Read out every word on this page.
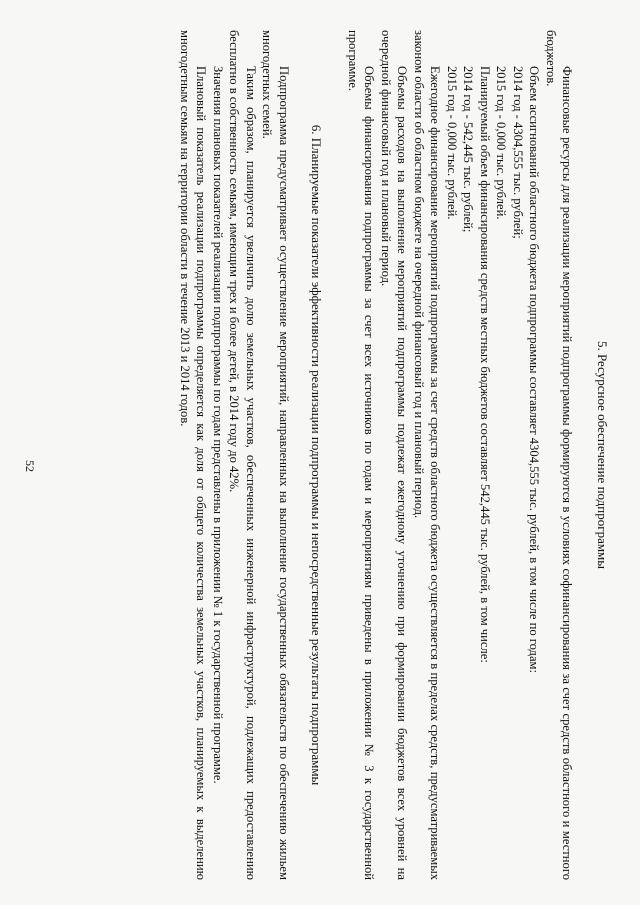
52	5. Ресурсное обеспечение подпрограммы

Финансовые ресурсы для реализации мероприятий подпрограммы формируются в условиях софинансирования за счет средств областного и местного бюджетов.

Объем ассигнований областного бюджета подпрограммы составляет 4304,555 тыс. рублей, в том числе по годам:

2014 год - 4304,555 тыс. рублей;

2015 год - 0,000 тыс. рублей.

Планируемый объем финансирования средств местных бюджетов составляет 542,445 тыс. рублей, в том числе:

2014 год - 542,445 тыс. рублей;

2015 год - 0,000 тыс. рублей.

Ежегодное финансирование мероприятий подпрограммы за счет средств областного бюджета осуществляется в пределах средств, предусматриваемых законом области об областном бюджете на очередной финансовый год и плановый период.

Объемы расходов на выполнение мероприятий подпрограммы подлежат ежегодному уточнению при формировании бюджетов всех уровней на очередной финансовый год и плановый период.

Объемы финансирования подпрограммы за счет всех источников по годам и мероприятиям приведены в приложении № 3 к государственной программе.

6. Планируемые показатели эффективности реализации подпрограммы и непосредственные результаты подпрограммы

Подпрограмма предусматривает осуществление мероприятий, направленных на выполнение государственных обязательств по обеспечению жильем многодетных семей.

Таким образом, планируется увеличить долю земельных участков, обеспеченных инженерной инфраструктурой, подлежащих предоставлению бесплатно в собственность семьям, имеющим трех и более детей, в 2014 году до 42%.

Значения плановых показателей реализации подпрограммы по годам представлены в приложении № 1 к государственной программе.

Плановый показатель реализации подпрограммы определяется как доля от общего количества земельных участков, планируемых к выделению многодетным семьям на территории области в течение 2013 и 2014 годов.
